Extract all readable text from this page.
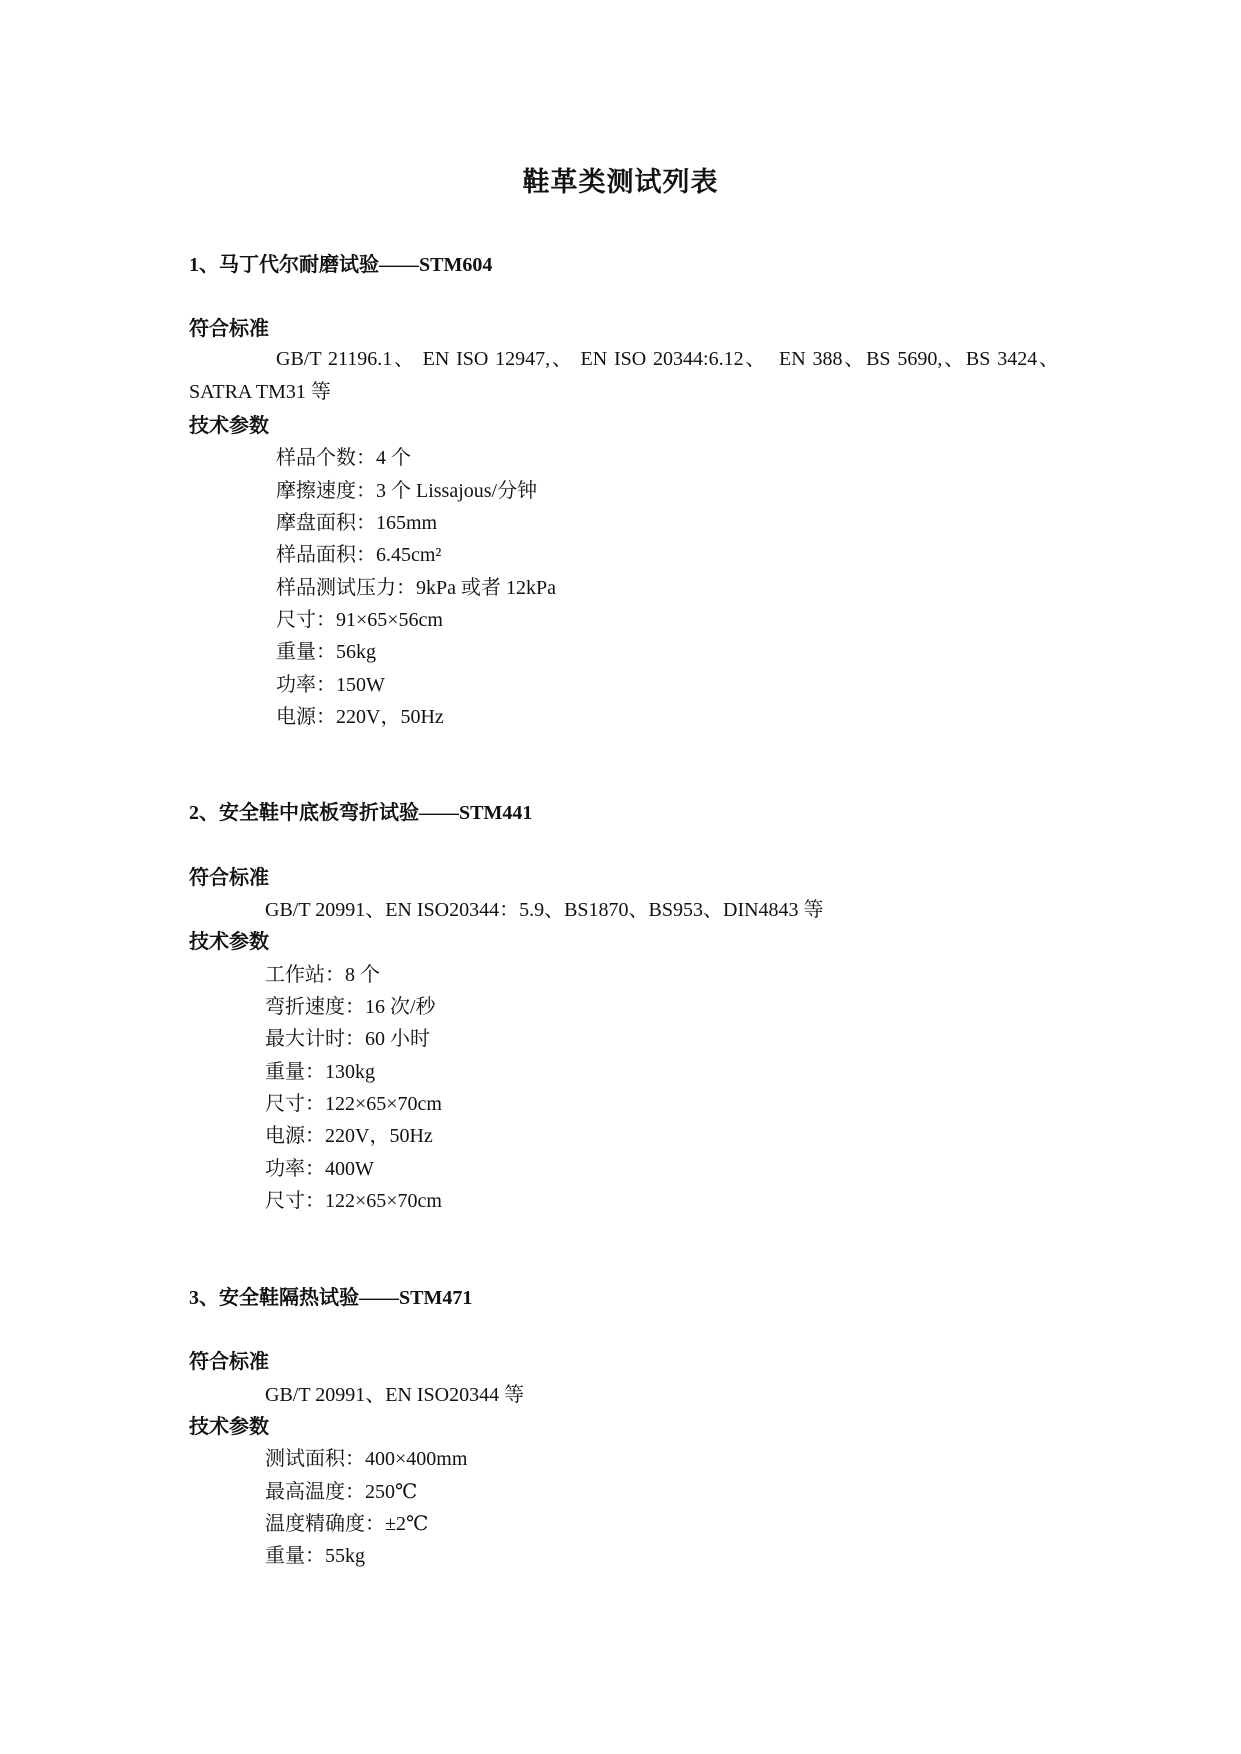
鞋革类测试列表
1、马丁代尔耐磨试验——STM604
符合标准
GB/T 21196.1、 EN ISO 12947,、 EN ISO 20344:6.12、　EN 388、BS 5690,、BS 3424、SATRA TM31 等
技术参数
样品个数：4 个
摩擦速度：3 个 Lissajous/分钟
摩盘面积：165mm
样品面积：6.45cm²
样品测试压力：9kPa 或者 12kPa
尺寸：91×65×56cm
重量：56kg
功率：150W
电源：220V，50Hz
2、安全鞋中底板弯折试验——STM441
符合标准
GB/T 20991、EN ISO20344：5.9、BS1870、BS953、DIN4843 等
技术参数
工作站：8 个
弯折速度：16 次/秒
最大计时：60 小时
重量：130kg
尺寸：122×65×70cm
电源：220V，50Hz
功率：400W
尺寸：122×65×70cm
3、安全鞋隔热试验——STM471
符合标准
GB/T 20991、EN ISO20344 等
技术参数
测试面积：400×400mm
最高温度：250℃
温度精确度：±2℃
重量：55kg
